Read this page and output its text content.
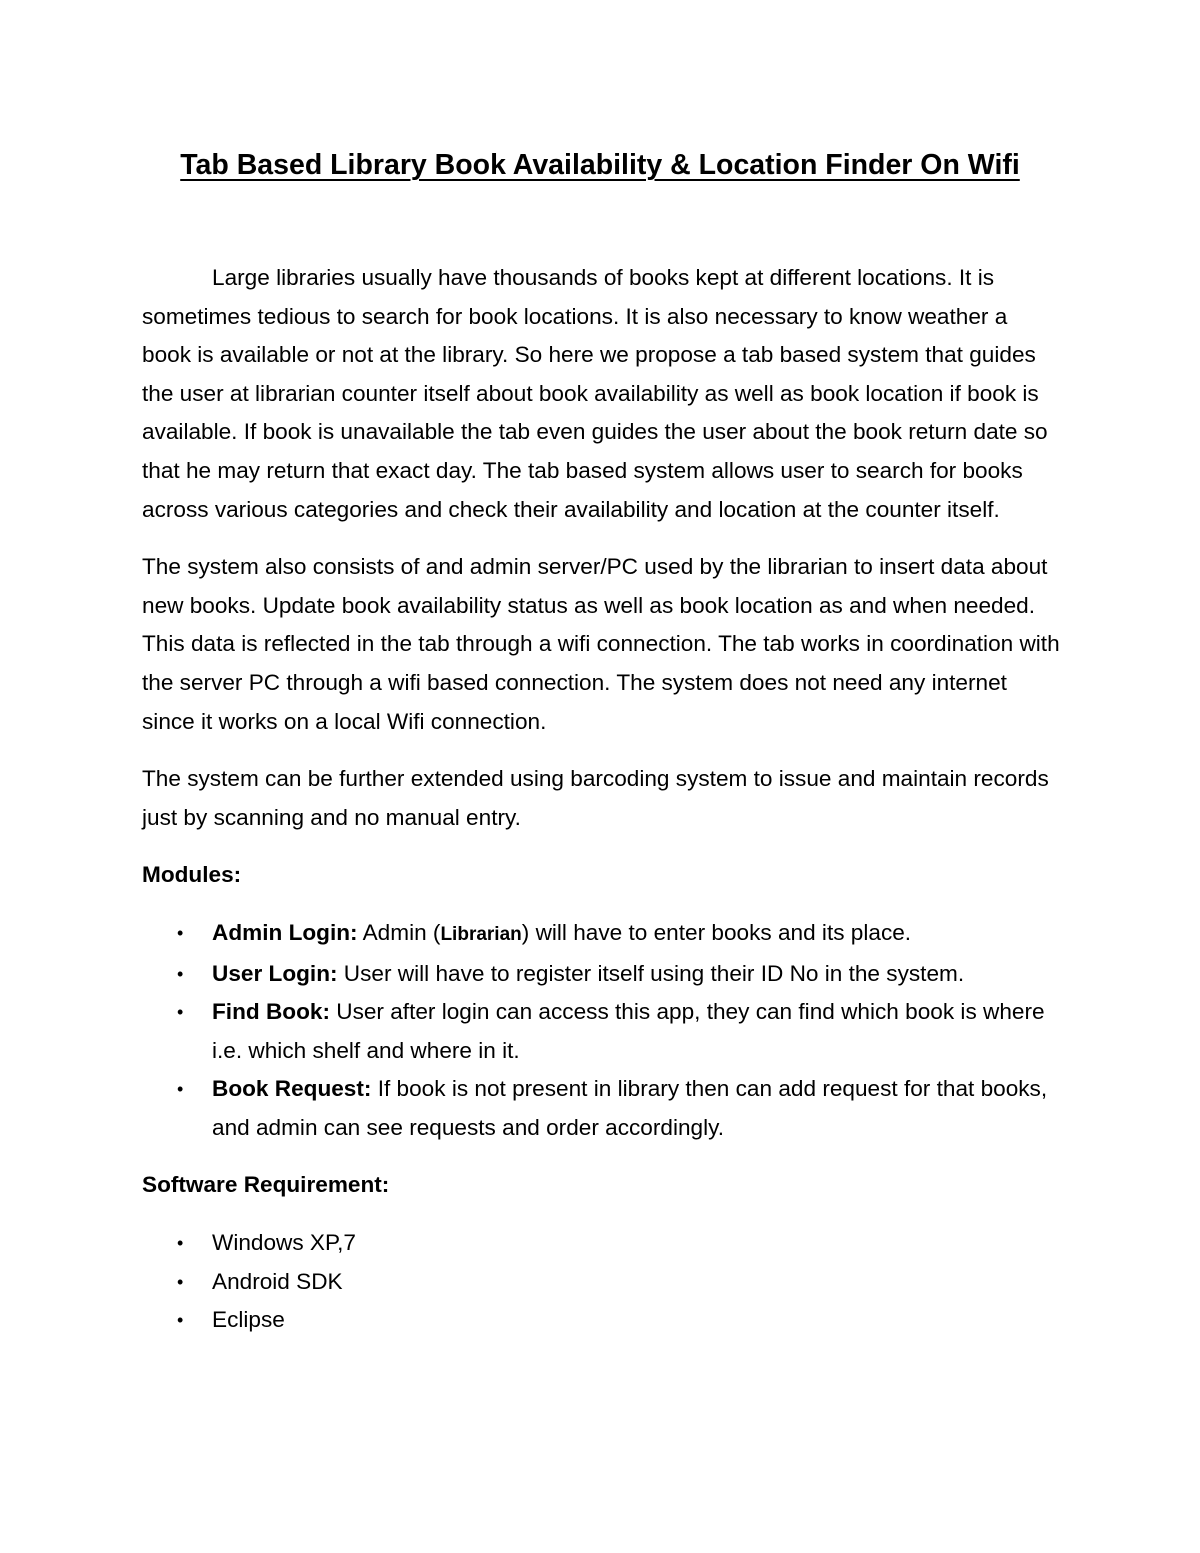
Tab Based Library Book Availability & Location Finder On Wifi

Large libraries usually have thousands of books kept at different locations. It is sometimes tedious to search for book locations. It is also necessary to know weather a book is available or not at the library. So here we propose a tab based system that guides the user at librarian counter itself about book availability as well as book location if book is available. If book is unavailable the tab even guides the user about the book return date so that he may return that exact day. The tab based system allows user to search for books across various categories and check their availability and location at the counter itself.

The system also consists of and admin server/PC used by the librarian to insert data about new books. Update book availability status as well as book location as and when needed. This data is reflected in the tab through a wifi connection. The tab works in coordination with the server PC through a wifi based connection. The system does not need any internet since it works on a local Wifi connection.

The system can be further extended using barcoding system to issue and maintain records just by scanning and no manual entry.

Modules:
• Admin Login: Admin (Librarian) will have to enter books and its place.
• User Login: User will have to register itself using their ID No in the system.
• Find Book: User after login can access this app, they can find which book is where i.e. which shelf and where in it.
• Book Request: If book is not present in library then can add request for that books, and admin can see requests and order accordingly.
Software Requirement:
• Windows XP,7
• Android SDK
• Eclipse
